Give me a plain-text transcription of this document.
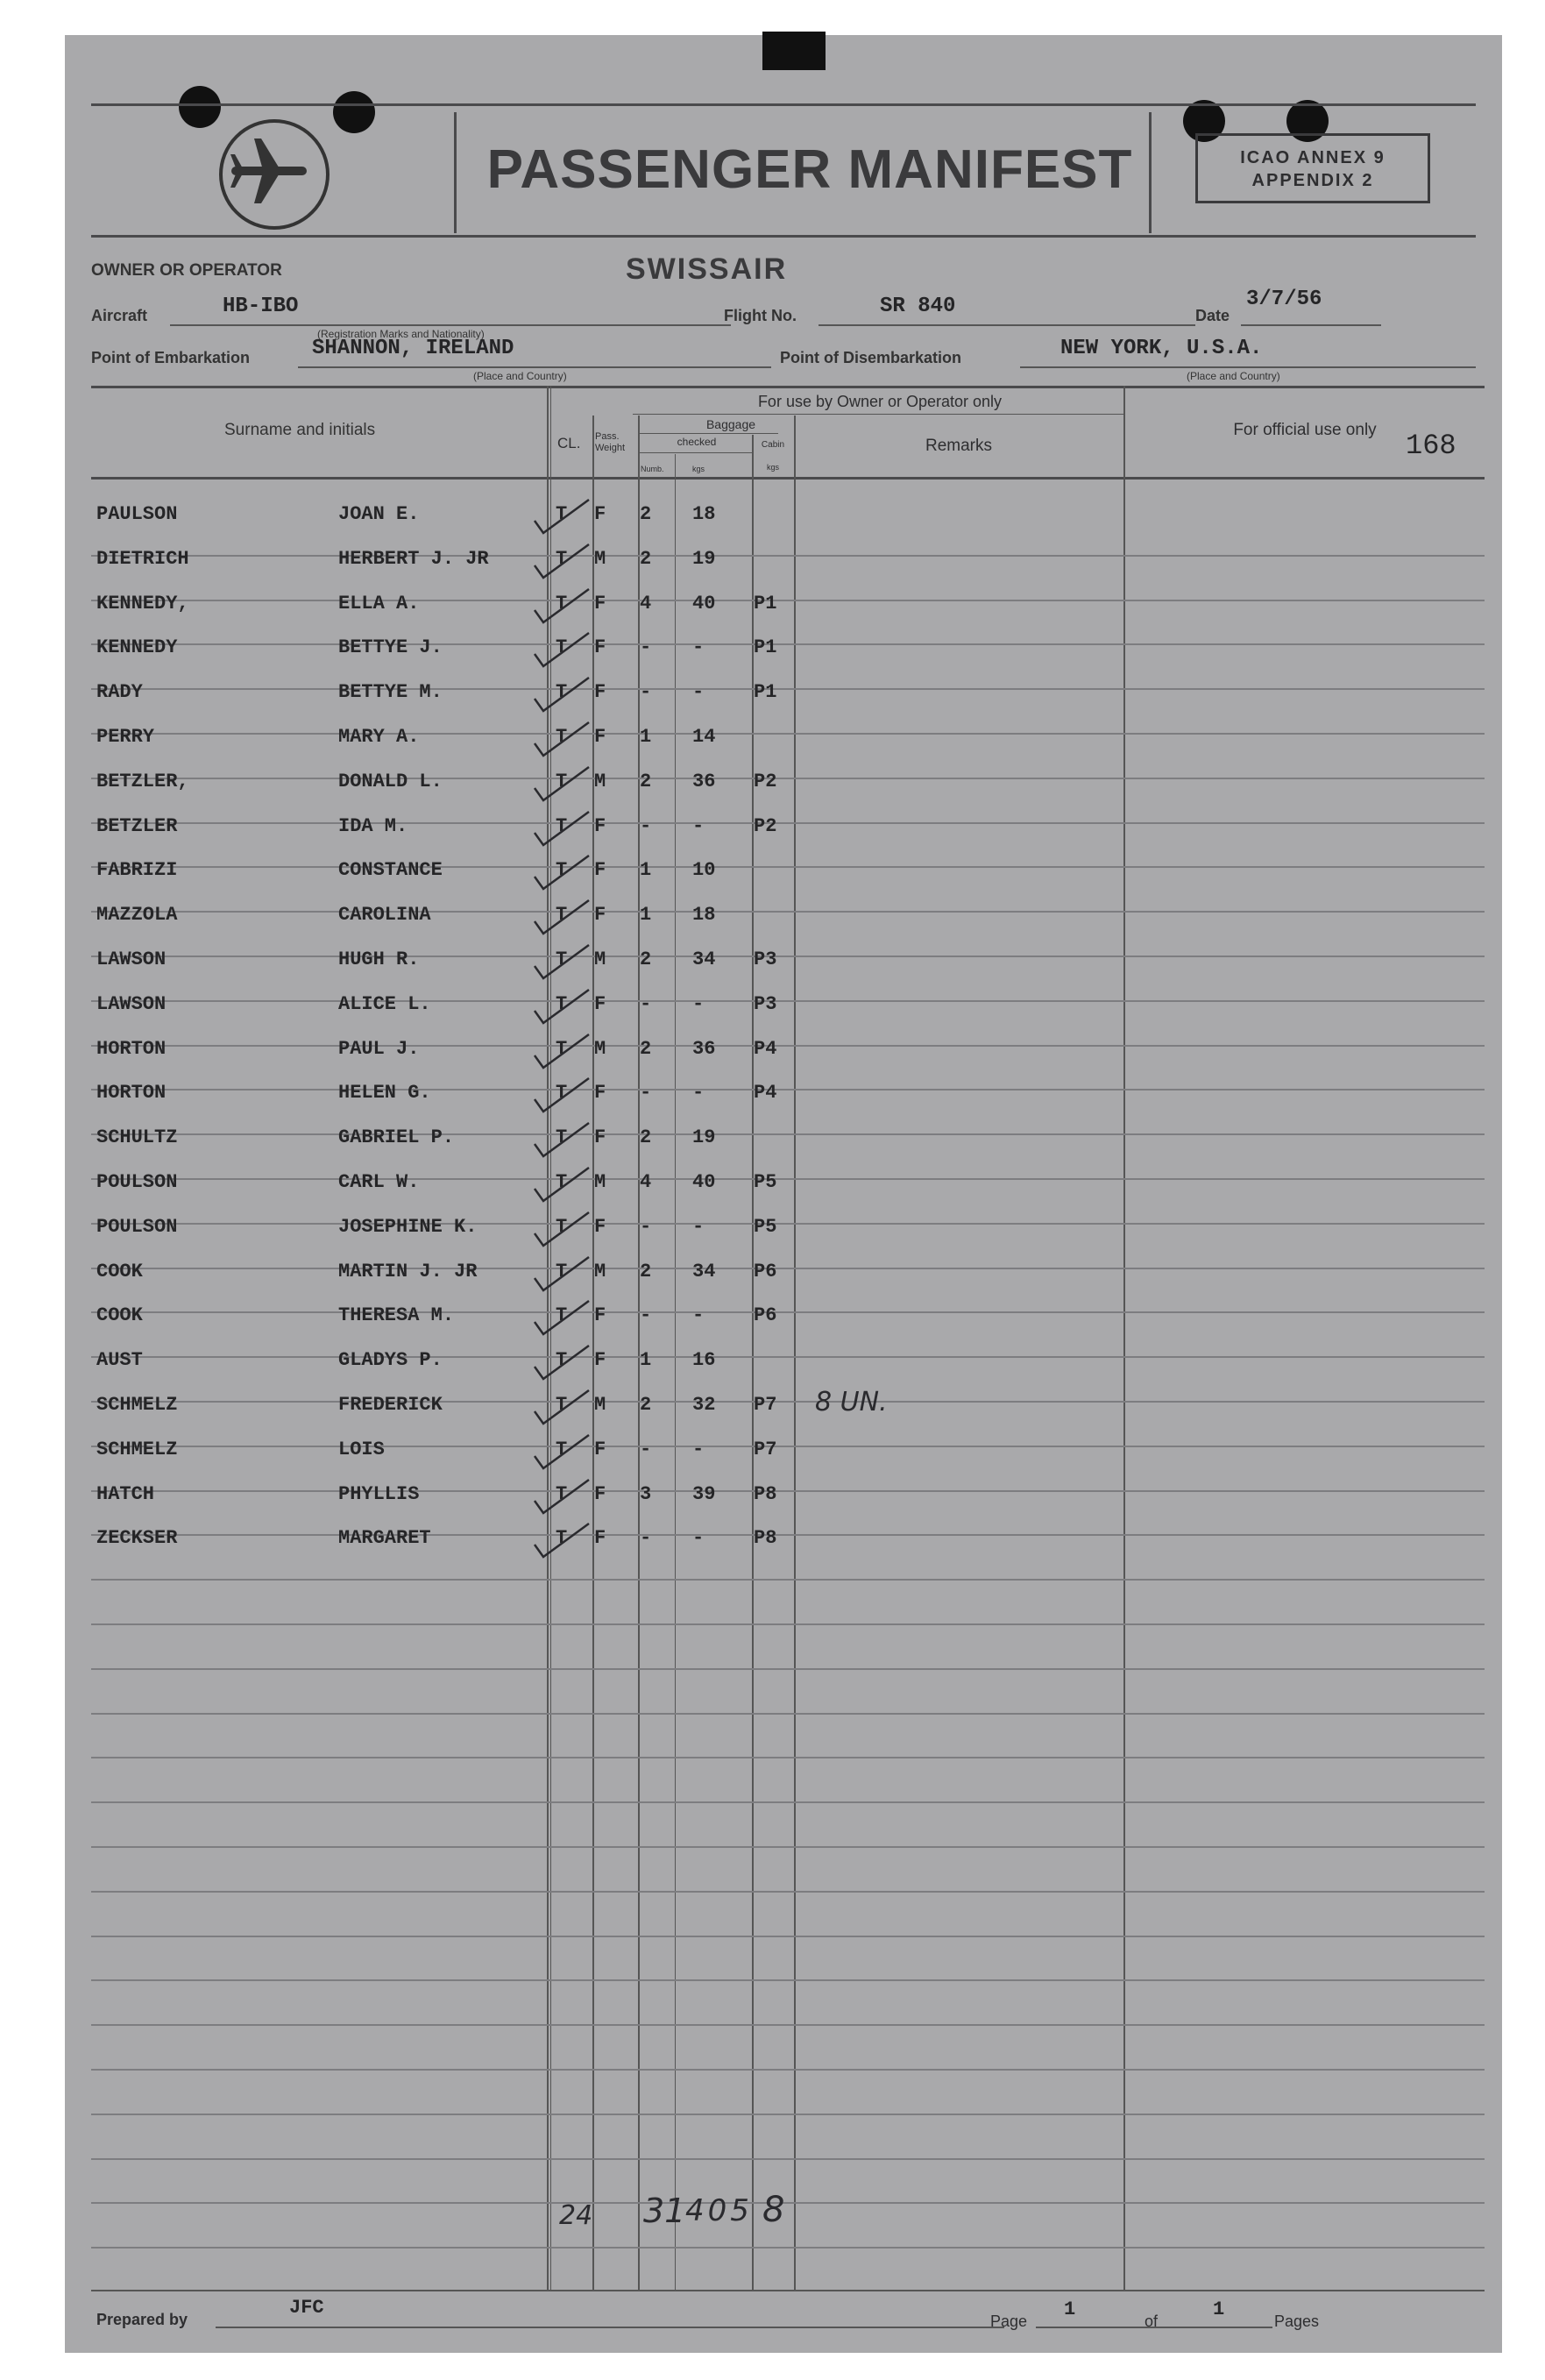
PASSENGER MANIFEST	ICAO ANNEX 9
APPENDIX 2
OWNER OR OPERATOR	SWISSAIR
Aircraft	HB-IBO
(Registration Marks and Nationality)
Flight No.	SR 840	Date
3/7/56
Point of Embarkation	SHANNON, IRELAND
(Place and Country)
Point of Disembarkation	NEW YORK, U.S.A.
(Place and Country)
Surname and initials
For use by Owner or Operator only
CL. Pass. Weight
Baggage
checked
Numb.	kgs
Cabin
kgs
Remarks
For official use only	168
PAULSON	JOAN E.	T F 2 18
DIETRICH	HERBERT J. JR	T M 2 19
KENNEDY,	ELLA A.	T F 4 40 P1
KENNEDY	BETTYE J.	T F - -	P1
RADY	BETTYE M.	T F - -	P1
PERRY	MARY A.	T F 1 14
BETZLER,	DONALD L.	T M 2 36 P2
BETZLER	IDA M.	T F - -	P2
FABRIZI	CONSTANCE	T F 1 10
MAZZOLA	CAROLINA	T F 1 18
LAWSON	HUGH R.	T M 2 34 P3
LAWSON	ALICE L.	T F - -	P3
HORTON	PAUL J.	T M 2 36 P4
HORTON	HELEN G.	T F - -	P4
SCHULTZ	GABRIEL P.	T F 2 19
POULSON	CARL W.	T M 4 40 P5
POULSON	JOSEPHINE K.	T F - -	P5
COOK	MARTIN J. JR	T M 2 34 P6
COOK	THERESA M.	T F - -	P6
AUST	GLADYS P.	T F 1 16
SCHMELZ	FREDERICK	T M 2 32 P7 8 UN.
SCHMELZ	LOIS	T F - -	P7
HATCH	PHYLLIS	T F 3 39 P8
ZECKSER	MARGARET	T F - -	P8
24 31 405 8
Prepared by
JFC
Page
1
of
1
Pages
